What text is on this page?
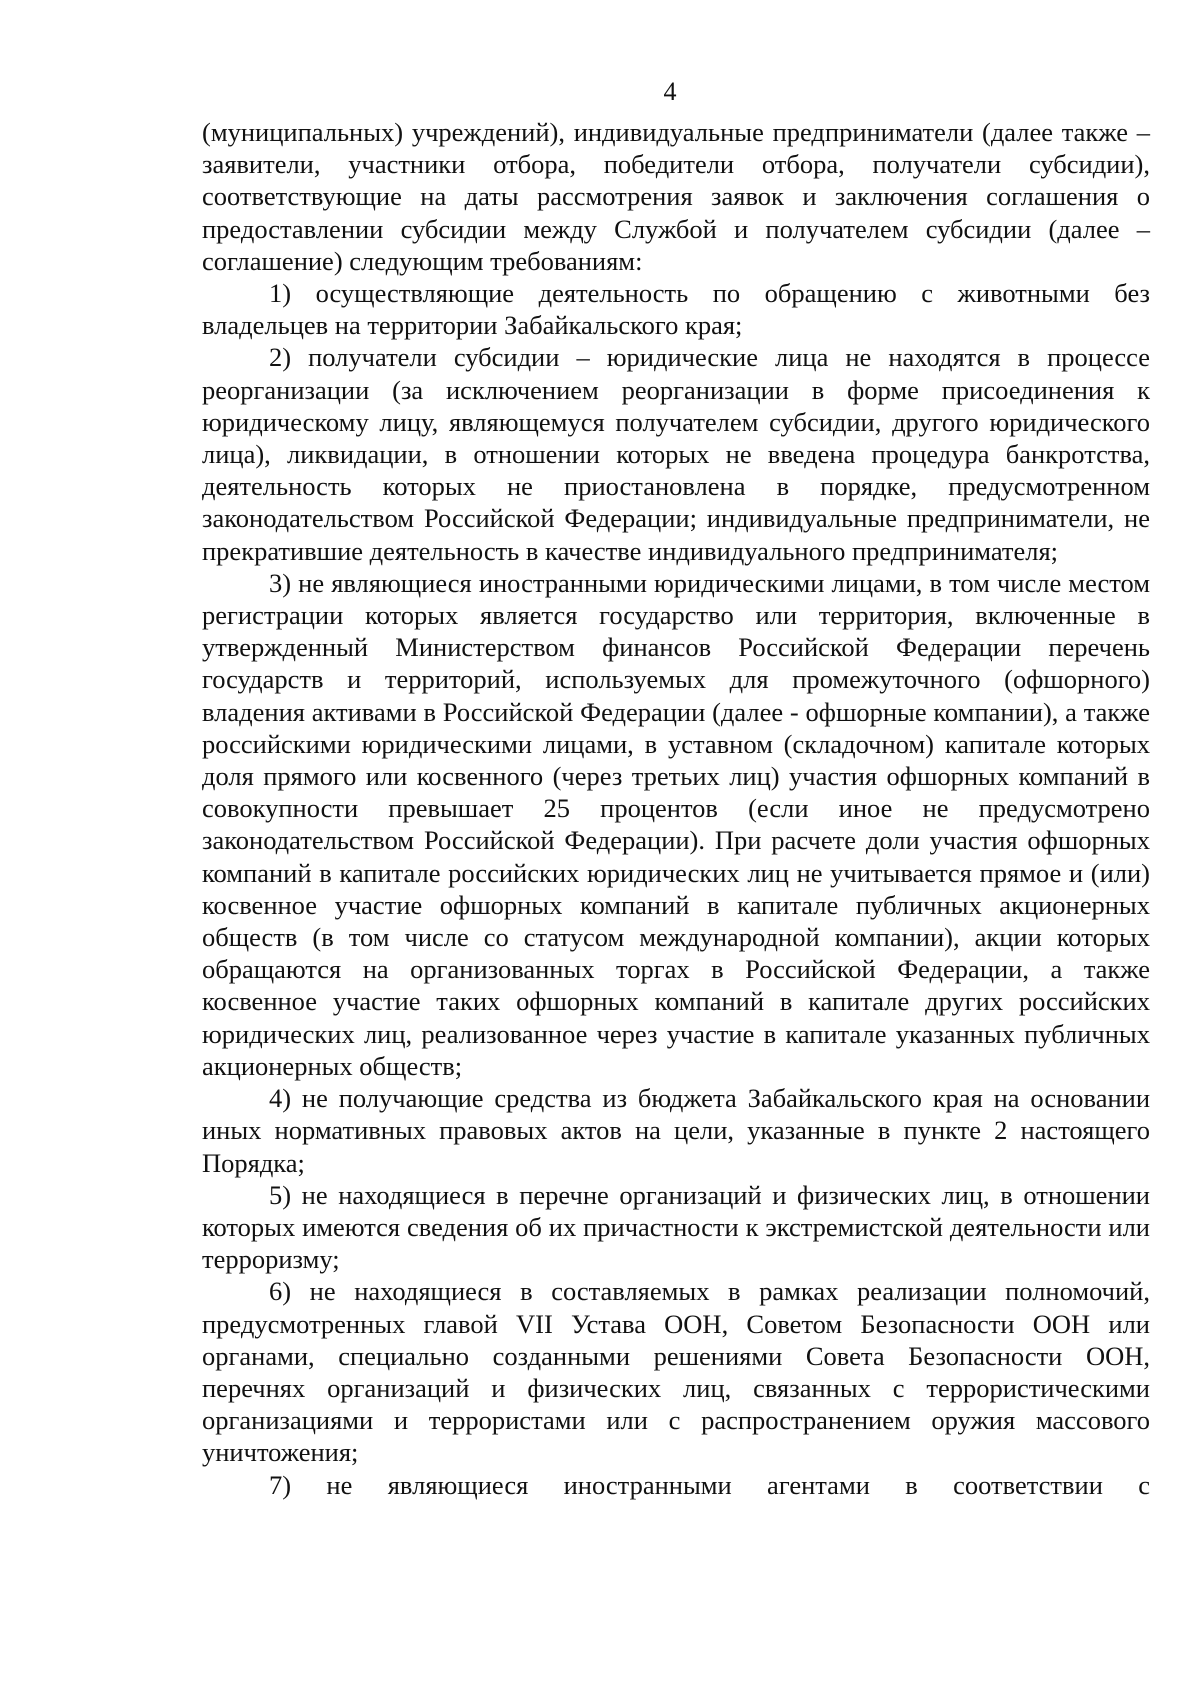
4

(муниципальных) учреждений), индивидуальные предприниматели (далее также – заявители, участники отбора, победители отбора, получатели субсидии), соответствующие на даты рассмотрения заявок и заключения соглашения о предоставлении субсидии между Службой и получателем субсидии (далее – соглашение) следующим требованиям:

1) осуществляющие деятельность по обращению с животными без владельцев на территории Забайкальского края;

2) получатели субсидии – юридические лица не находятся в процессе реорганизации (за исключением реорганизации в форме присоединения к юридическому лицу, являющемуся получателем субсидии, другого юридического лица), ликвидации, в отношении которых не введена процедура банкротства, деятельность которых не приостановлена в порядке, предусмотренном законодательством Российской Федерации; индивидуальные предприниматели, не прекратившие деятельность в качестве индивидуального предпринимателя;

3) не являющиеся иностранными юридическими лицами, в том числе местом регистрации которых является государство или территория, включенные в утвержденный Министерством финансов Российской Федерации перечень государств и территорий, используемых для промежуточного (офшорного) владения активами в Российской Федерации (далее - офшорные компании), а также российскими юридическими лицами, в уставном (складочном) капитале которых доля прямого или косвенного (через третьих лиц) участия офшорных компаний в совокупности превышает 25 процентов (если иное не предусмотрено законодательством Российской Федерации). При расчете доли участия офшорных компаний в капитале российских юридических лиц не учитывается прямое и (или) косвенное участие офшорных компаний в капитале публичных акционерных обществ (в том числе со статусом международной компании), акции которых обращаются на организованных торгах в Российской Федерации, а также косвенное участие таких офшорных компаний в капитале других российских юридических лиц, реализованное через участие в капитале указанных публичных акционерных обществ;

4) не получающие средства из бюджета Забайкальского края на основании иных нормативных правовых актов на цели, указанные в пункте 2 настоящего Порядка;

5) не находящиеся в перечне организаций и физических лиц, в отношении которых имеются сведения об их причастности к экстремистской деятельности или терроризму;

6) не находящиеся в составляемых в рамках реализации полномочий, предусмотренных главой VII Устава ООН, Советом Безопасности ООН или органами, специально созданными решениями Совета Безопасности ООН, перечнях организаций и физических лиц, связанных с террористическими организациями и террористами или с распространением оружия массового уничтожения;

7) не являющиеся иностранными агентами в соответствии с
